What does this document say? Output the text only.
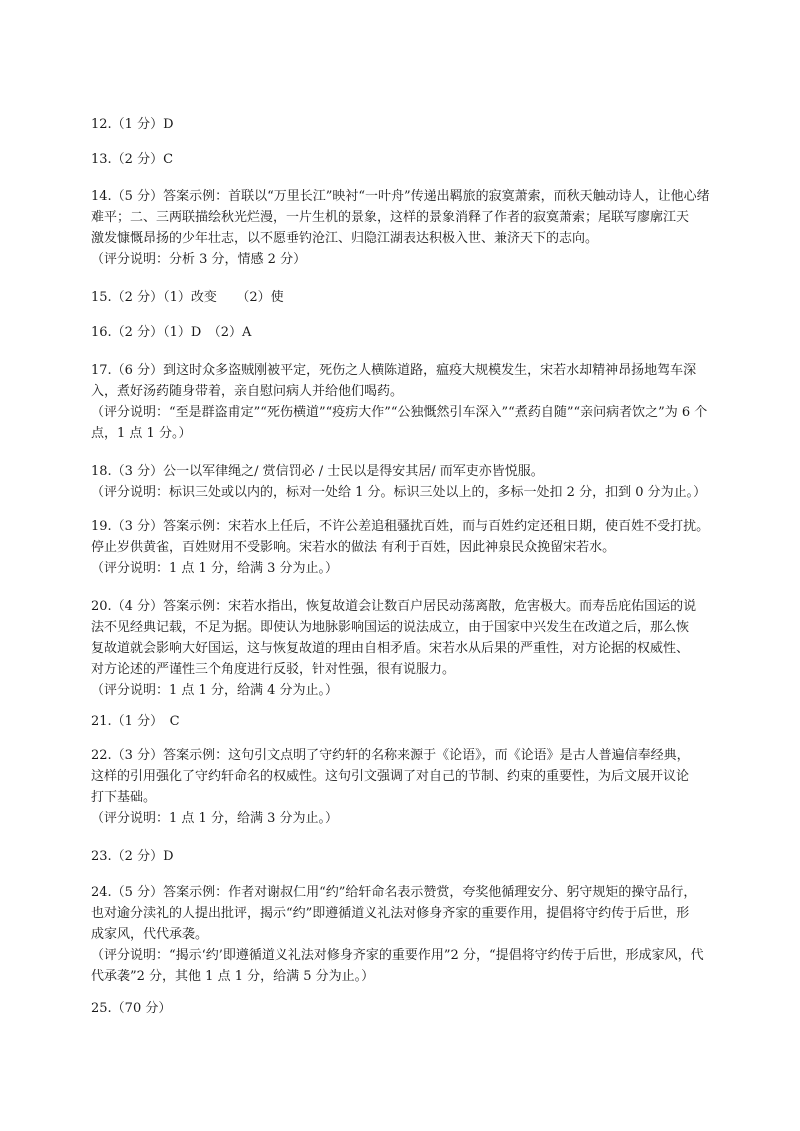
12.（1 分）D
13.（2 分）C
14.（5 分）答案示例：首联以“万里长江”映衬“一叶舟”传递出羁旅的寂寞萧索，而秋天触动诗人，让他心绪
难平；二、三两联描绘秋光烂漫，一片生机的景象，这样的景象消释了作者的寂寞萧索；尾联写廖廓江天
激发慷慨昂扬的少年壮志，以不愿垂钓沧江、归隐江湖表达积极入世、兼济天下的志向。
（评分说明：分析 3 分，情感 2 分）
15.（2 分）（1）改变　　（2）使
16.（2 分）（1）D　（2）A
17.（6 分）到这时众多盗贼刚被平定，死伤之人横陈道路，瘟疫大规模发生，宋若水却精神昂扬地驾车深
入，煮好汤药随身带着，亲自慰问病人并给他们喝药。
（评分说明：“至是群盗甫定”“死伤横道”“疫疠大作”“公独慨然引车深入”“煮药自随”“亲问病者饮之”为 6 个
点，1 点 1 分。）
18.（3 分）公一以军律绳之/ 赏信罚必 / 士民以是得安其居/ 而军吏亦皆悦服。
（评分说明：标识三处或以内的，标对一处给 1 分。标识三处以上的，多标一处扣 2 分，扣到 0 分为止。）
19.（3 分）答案示例：宋若水上任后，不许公差追租骚扰百姓，而与百姓约定还租日期，使百姓不受打扰。
停止岁供黄雀，百姓财用不受影响。宋若水的做法 有利于百姓，因此神泉民众挽留宋若水。
（评分说明：1 点 1 分，给满 3 分为止。）
20.（4 分）答案示例：宋若水指出，恢复故道会让数百户居民动荡离散，危害极大。而寿岳庇佑国运的说
法不见经典记载，不足为据。即使认为地脉影响国运的说法成立，由于国家中兴发生在改道之后，那么恢
复故道就会影响大好国运，这与恢复故道的理由自相矛盾。宋若水从后果的严重性，对方论据的权威性、
对方论述的严谨性三个角度进行反驳，针对性强，很有说服力。
（评分说明：1 点 1 分，给满 4 分为止。）
21.（1 分）　C
22.（3 分）答案示例：这句引文点明了守约轩的名称来源于《论语》，而《论语》是古人普遍信奉经典，
这样的引用强化了守约轩命名的权威性。这句引文强调了对自己的节制、约束的重要性，为后文展开议论
打下基础。
（评分说明：1 点 1 分，给满 3 分为止。）
23.（2 分）D
24.（5 分）答案示例：作者对谢叔仁用“约”给轩命名表示赞赏，夸奖他循理安分、躬守规矩的操守品行，
也对逾分渎礼的人提出批评，揭示“约”即遵循道义礼法对修身齐家的重要作用，提倡将守约传于后世，形
成家风，代代承袭。
（评分说明：“揭示‘约’即遵循道义礼法对修身齐家的重要作用”2 分，“提倡将守约传于后世，形成家风，代
代承袭”2 分，其他 1 点 1 分，给满 5 分为止。）
25.（70 分）
